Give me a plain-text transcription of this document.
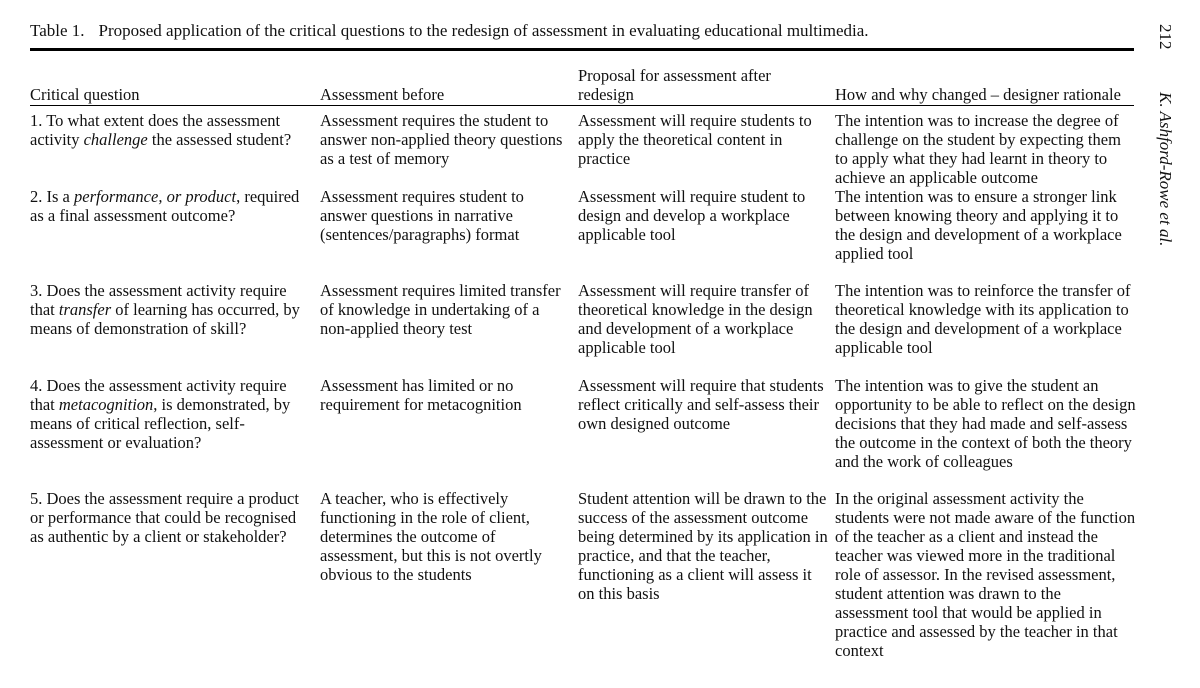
Table 1. Proposed application of the critical questions to the redesign of assessment in evaluating educational multimedia.
Critical question	Assessment before
Proposal for assessment after redesign	How and why changed – designer rationale
1. To what extent does the assessment activity challenge the assessed student?
Assessment requires the student to answer non-applied theory questions as a test of memory
Assessment will require students to apply the theoretical content in practice
The intention was to increase the degree of challenge on the student by expecting them to apply what they had learnt in theory to achieve an applicable outcome
2. Is a performance, or product, required as a final assessment outcome?
Assessment requires student to answer questions in narrative (sentences/paragraphs) format
Assessment will require student to design and develop a workplace applicable tool
The intention was to ensure a stronger link between knowing theory and applying it to the design and development of a workplace applied tool
3. Does the assessment activity require that transfer of learning has occurred, by means of demonstration of skill?
Assessment requires limited transfer of knowledge in undertaking of a non-applied theory test
Assessment will require transfer of theoretical knowledge in the design and development of a workplace applicable tool
The intention was to reinforce the transfer of theoretical knowledge with its application to the design and development of a workplace applicable tool
4. Does the assessment activity require that metacognition, is demonstrated, by means of critical reflection, self-assessment or evaluation?
Assessment has limited or no requirement for metacognition
Assessment will require that students reflect critically and self-assess their own designed outcome
The intention was to give the student an opportunity to be able to reflect on the design decisions that they had made and self-assess the outcome in the context of both the theory and the work of colleagues
5. Does the assessment require a product or performance that could be recognised as authentic by a client or stakeholder?
A teacher, who is effectively functioning in the role of client, determines the outcome of assessment, but this is not overtly obvious to the students
Student attention will be drawn to the success of the assessment outcome being determined by its application in practice, and that the teacher, functioning as a client will assess it on this basis
In the original assessment activity the students were not made aware of the function of the teacher as a client and instead the teacher was viewed more in the traditional role of assessor. In the revised assessment, student attention was drawn to the assessment tool that would be applied in practice and assessed by the teacher in that context
212
K. Ashford-Rowe et al.
